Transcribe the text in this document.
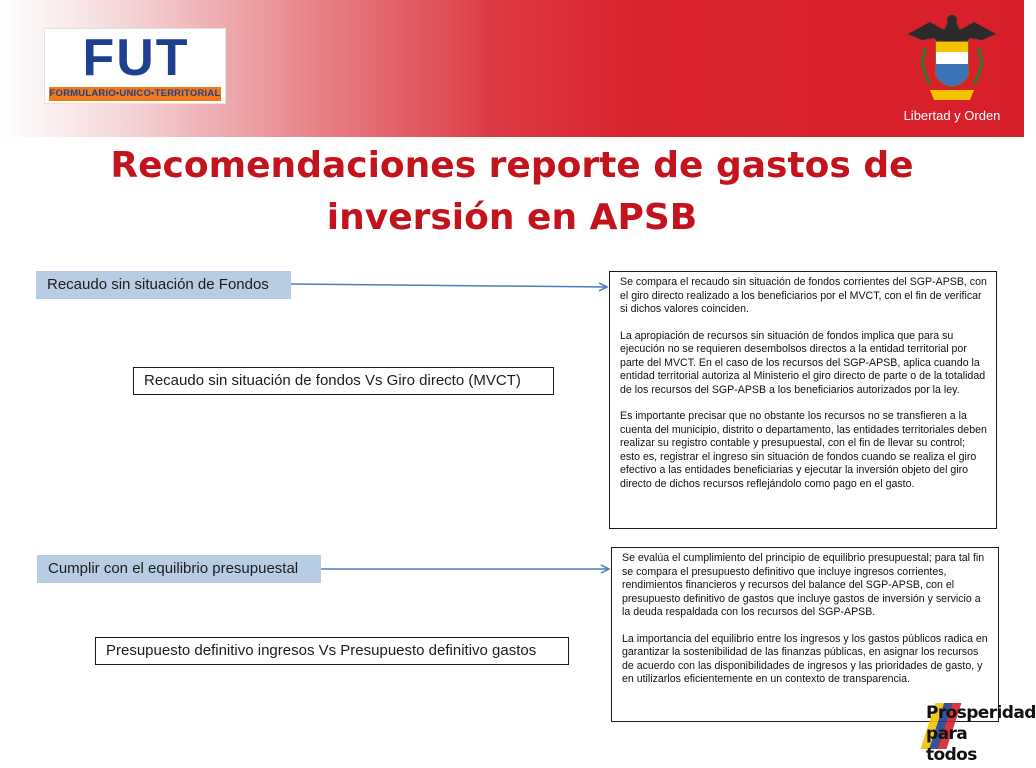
FUT
FORMULARIO•UNICO•TERRITORIAL
Libertad y Orden
Recomendaciones reporte de gastos de
inversión en APSB
Recaudo sin situación de Fondos
Recaudo sin situación de fondos Vs Giro directo (MVCT)

Se compara el recaudo sin situación de fondos corrientes del SGP-APSB, con el giro directo realizado a los beneficiarios por el MVCT, con el fin de verificar si dichos valores coinciden.

La apropiación de recursos sin situación de fondos implica que para su ejecución no se requieren desembolsos directos a la entidad territorial por parte del MVCT. En el caso de los recursos del SGP-APSB, aplica cuando la entidad territorial autoriza al Ministerio el giro directo de parte o de la totalidad de los recursos del SGP-APSB a los beneficiarios autorizados por la ley.

Es importante precisar que no obstante los recursos no se transfieren a la cuenta del municipio, distrito o departamento, las entidades territoriales deben realizar su registro contable y presupuestal, con el fin de llevar su control; esto es, registrar el ingreso sin situación de fondos cuando se realiza el giro efectivo a las entidades beneficiarias y ejecutar la inversión objeto del giro directo de dichos recursos reflejándolo como pago en el gasto.

Cumplir con el equilibrio presupuestal
Presupuesto definitivo ingresos Vs Presupuesto definitivo gastos

Se evalúa el cumplimiento del principio de equilibrio presupuestal; para tal fin se compara el presupuesto definitivo que incluye ingresos corrientes, rendimientos financieros y recursos del balance del SGP-APSB, con el presupuesto definitivo de gastos que incluye gastos de inversión y servicio a la deuda respaldada con los recursos del SGP-APSB.

La importancia del equilibrio entre los ingresos y los gastos públicos radica en garantizar la sostenibilidad de las finanzas públicas, en asignar los recursos de acuerdo con las disponibilidades de ingresos y las prioridades de gasto, y en utilizarlos eficientemente en un contexto de transparencia.

Prosperidad
para todos
